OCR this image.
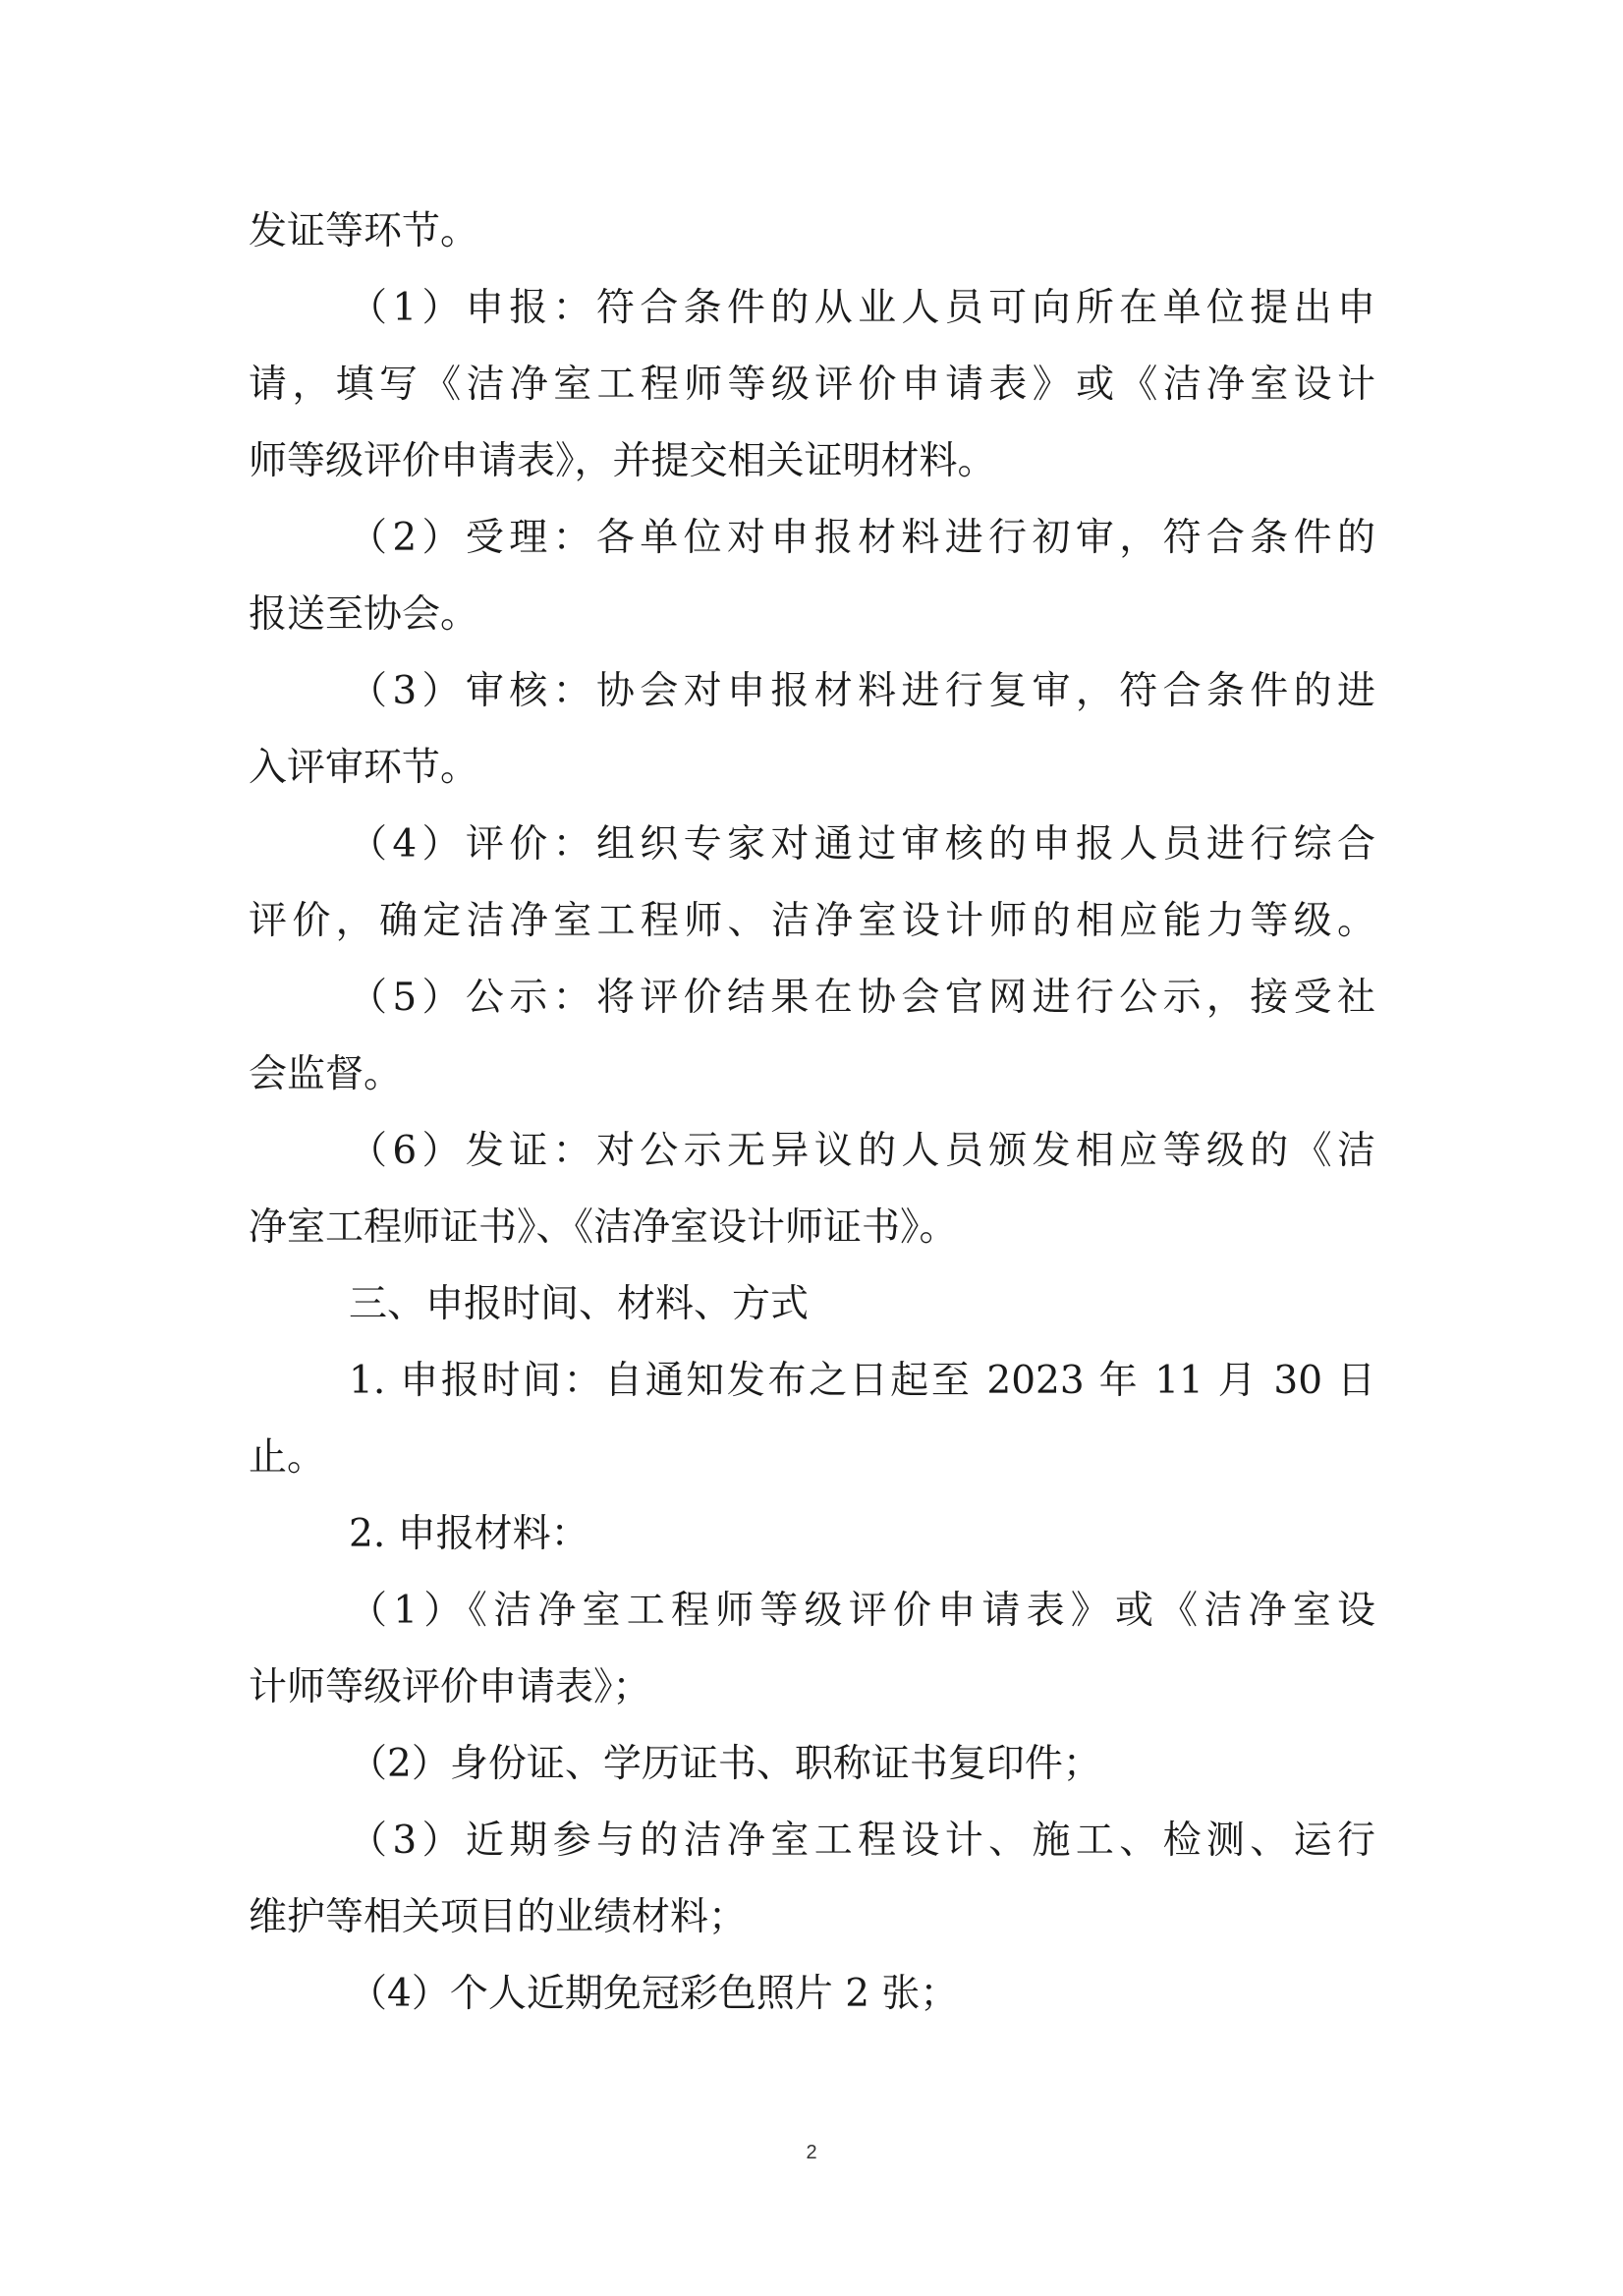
发证等环节。
（1）申报：符合条件的从业人员可向所在单位提出申
请，填写《洁净室工程师等级评价申请表》或《洁净室设计
师等级评价申请表》，并提交相关证明材料。
（2）受理：各单位对申报材料进行初审，符合条件的
报送至协会。
（3）审核：协会对申报材料进行复审，符合条件的进
入评审环节。
（4）评价：组织专家对通过审核的申报人员进行综合
评价，确定洁净室工程师、洁净室设计师的相应能力等级。
（5）公示：将评价结果在协会官网进行公示，接受社
会监督。
（6）发证：对公示无异议的人员颁发相应等级的《洁
净室工程师证书》、《洁净室设计师证书》。
三、申报时间、材料、方式
1. 申报时间：自通知发布之日起至 2023 年 11 月 30 日
止。
2. 申报材料：
（1）《洁净室工程师等级评价申请表》或《洁净室设
计师等级评价申请表》；
（2）身份证、学历证书、职称证书复印件；
（3）近期参与的洁净室工程设计、施工、检测、运行
维护等相关项目的业绩材料；
（4）个人近期免冠彩色照片 2 张；
2
